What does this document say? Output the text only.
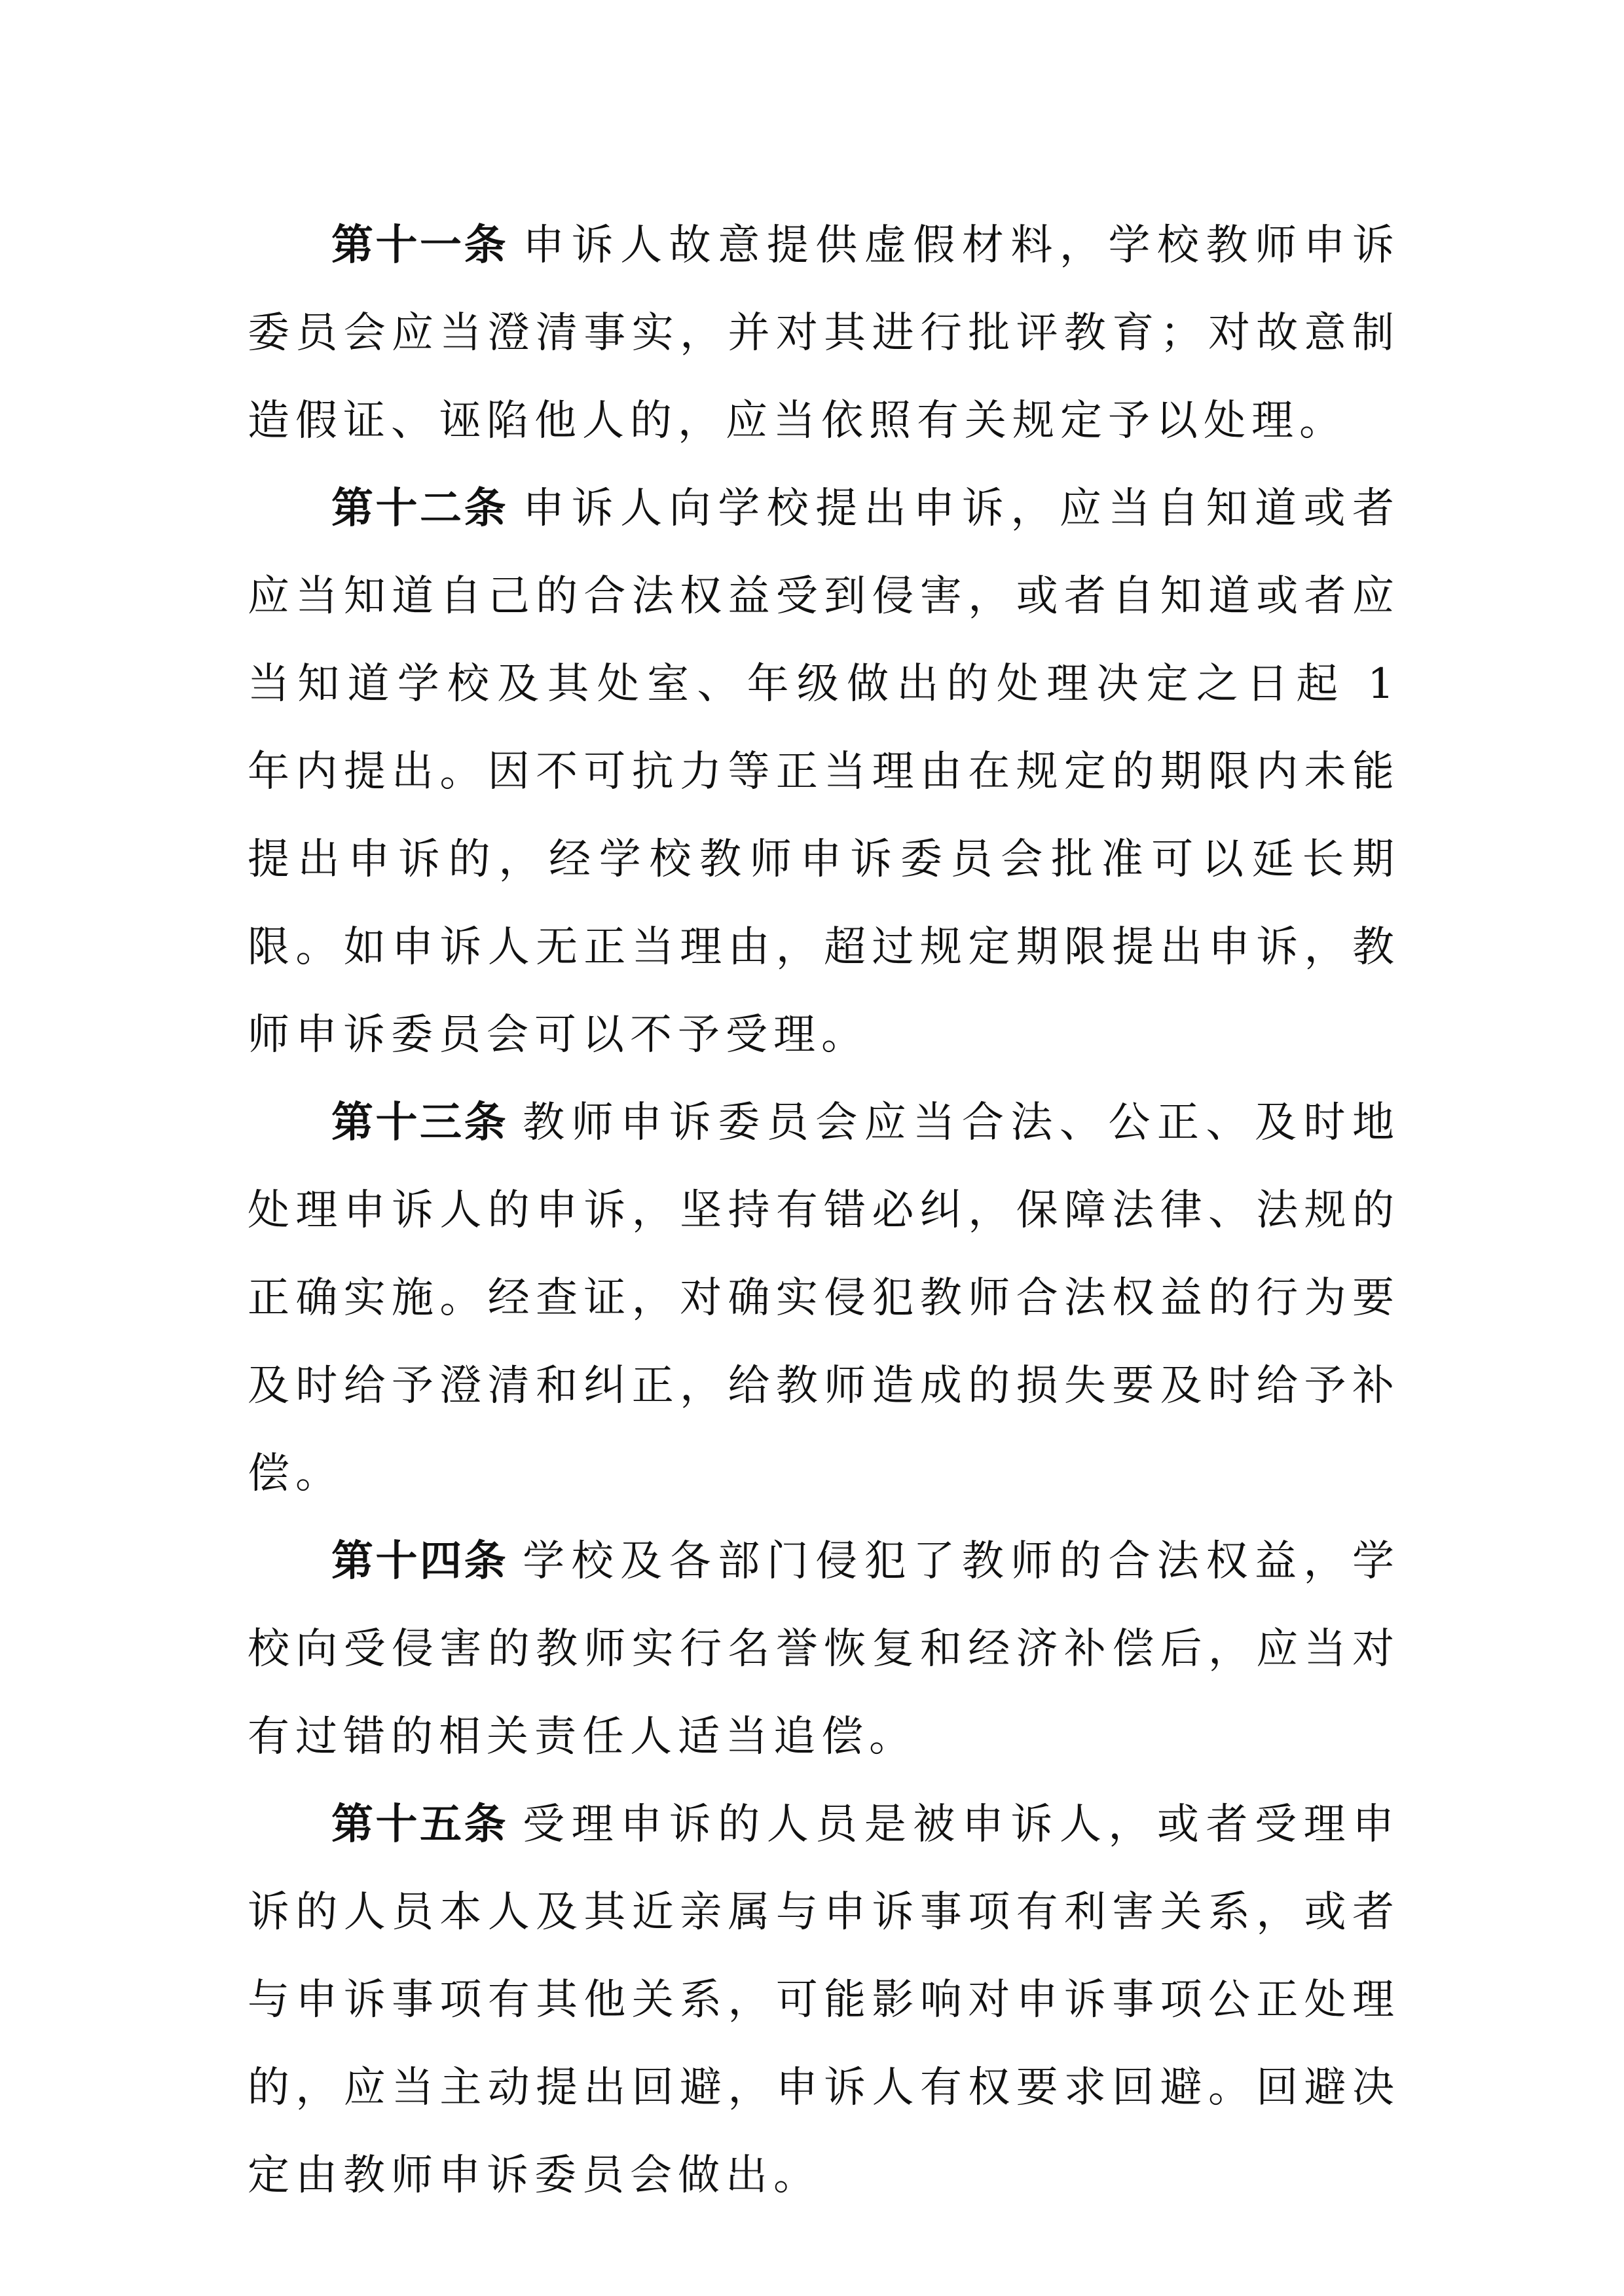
第十一条 申诉人故意提供虚假材料，学校教师申诉委员会应当澄清事实，并对其进行批评教育；对故意制造假证、诬陷他人的，应当依照有关规定予以处理。

第十二条 申诉人向学校提出申诉，应当自知道或者应当知道自己的合法权益受到侵害，或者自知道或者应当知道学校及其处室、年级做出的处理决定之日起 1 年内提出。因不可抗力等正当理由在规定的期限内未能提出申诉的，经学校教师申诉委员会批准可以延长期限。如申诉人无正当理由，超过规定期限提出申诉，教师申诉委员会可以不予受理。

第十三条 教师申诉委员会应当合法、公正、及时地处理申诉人的申诉，坚持有错必纠，保障法律、法规的正确实施。经查证，对确实侵犯教师合法权益的行为要及时给予澄清和纠正，给教师造成的损失要及时给予补偿。

第十四条 学校及各部门侵犯了教师的合法权益，学校向受侵害的教师实行名誉恢复和经济补偿后，应当对有过错的相关责任人适当追偿。

第十五条 受理申诉的人员是被申诉人，或者受理申诉的人员本人及其近亲属与申诉事项有利害关系，或者与申诉事项有其他关系，可能影响对申诉事项公正处理的，应当主动提出回避，申诉人有权要求回避。回避决定由教师申诉委员会做出。
